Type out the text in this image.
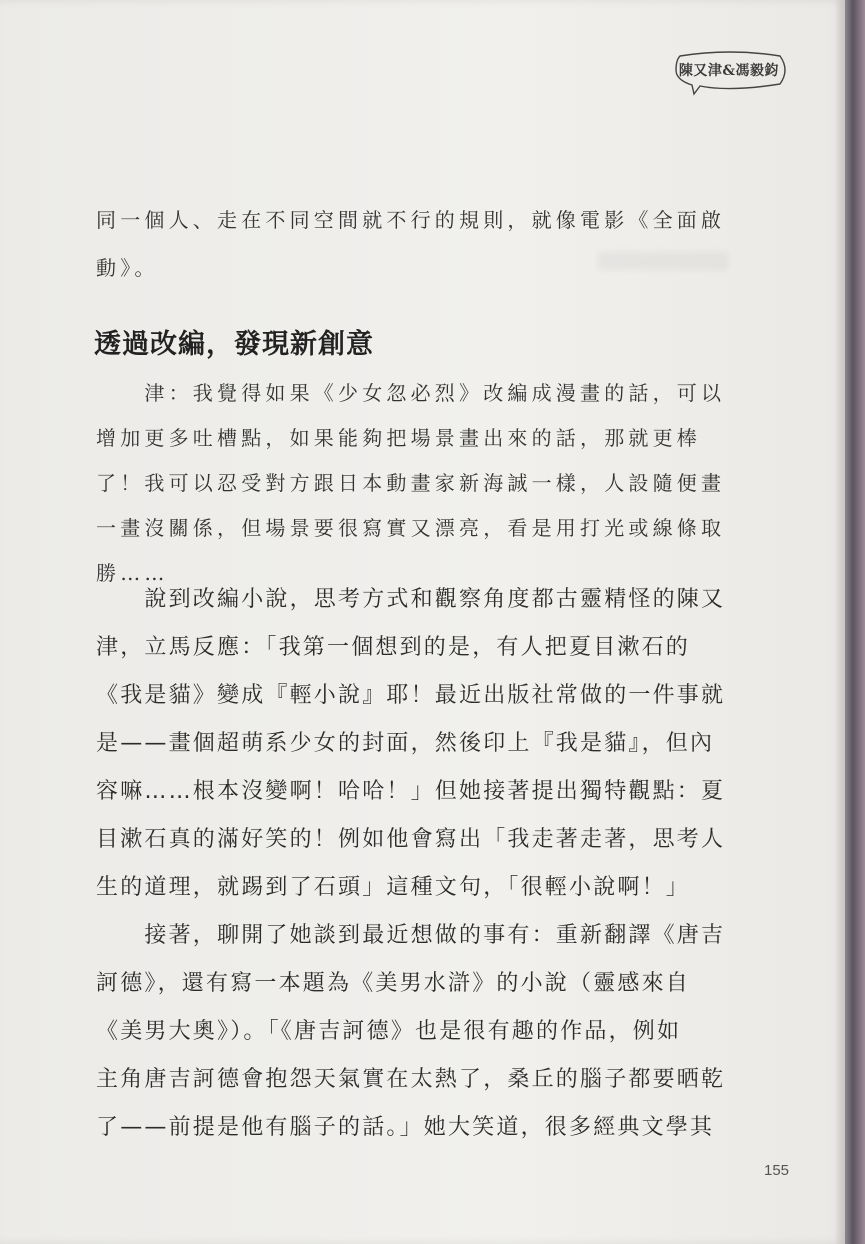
陳又津&馮毅鈞
同一個人、走在不同空間就不行的規則，就像電影《全面啟
動》。
透過改編，發現新創意
　　津：我覺得如果《少女忽必烈》改編成漫畫的話，可以
增加更多吐槽點，如果能夠把場景畫出來的話，那就更棒
了！我可以忍受對方跟日本動畫家新海誠一樣，人設隨便畫
一畫沒關係，但場景要很寫實又漂亮，看是用打光或線條取
勝……
　　說到改編小說，思考方式和觀察角度都古靈精怪的陳又
津，立馬反應：「我第一個想到的是，有人把夏目漱石的
《我是貓》變成『輕小說』耶！最近出版社常做的一件事就
是——畫個超萌系少女的封面，然後印上『我是貓』，但內
容嘛……根本沒變啊！哈哈！」但她接著提出獨特觀點：夏
目漱石真的滿好笑的！例如他會寫出「我走著走著，思考人
生的道理，就踢到了石頭」這種文句，「很輕小說啊！」
　　接著，聊開了她談到最近想做的事有：重新翻譯《唐吉
訶德》，還有寫一本題為《美男水滸》的小說（靈感來自
《美男大奧》）。「《唐吉訶德》也是很有趣的作品，例如
主角唐吉訶德會抱怨天氣實在太熱了，桑丘的腦子都要晒乾
了——前提是他有腦子的話。」她大笑道，很多經典文學其
155
